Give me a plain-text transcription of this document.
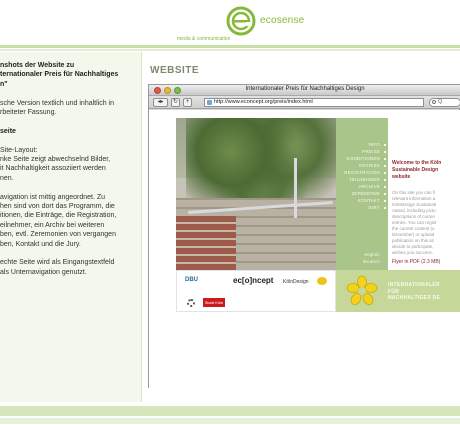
ecosense
media & communication

nshots der Website zu

ternationaler Preis für Nachhaltiges

n"

sche Version textlich und inhaltlich in

rbeiteter Fassung.

seite

Site-Layout:

nke Seite zeigt abwechselnd Bilder,

it Nachhaltigkeit assoziiert werden

nen.

avigation ist mittig angeordnet. Zu

hen sind von dort das Programm, die

itionen, die Einträge, die Registration,

eilnehmer, ein Archiv bei weiteren

ben, evtl. Zeremonien von vergangen

ben, Kontakt und die Jury.

echte Seite wird als Eingangstextfeld

als Unternavigation genutzt.

WEBSITE
Internationaler Preis für Nachhaltiges Design
◂▸	↻	+	http://www.econcept.org/preis/index.html	Q
INFO
PREISE
KONDITIONEN
ENTRIES
REGISTRATION
TEILNEHMER
ARCHIVE
ZEREMONIE
KONTAKT
JURY
english
deutsch
Welcome to the Köln
Sustainable Design
website
On this site you can fi
relevant information a
KölnDesign Sustainab
Award, including pictu
descriptions of curren
entries. You can regist
the current contest (u
December) or upload
publication on this sit
decide to participate,
wishes you success.
Flyer in PDF (2.3 MB)
DBU	ec[o]ncept KölnDesign
Stadt Köln
INTERNATIONALER
FÜR
NACHHALTIGES DE
